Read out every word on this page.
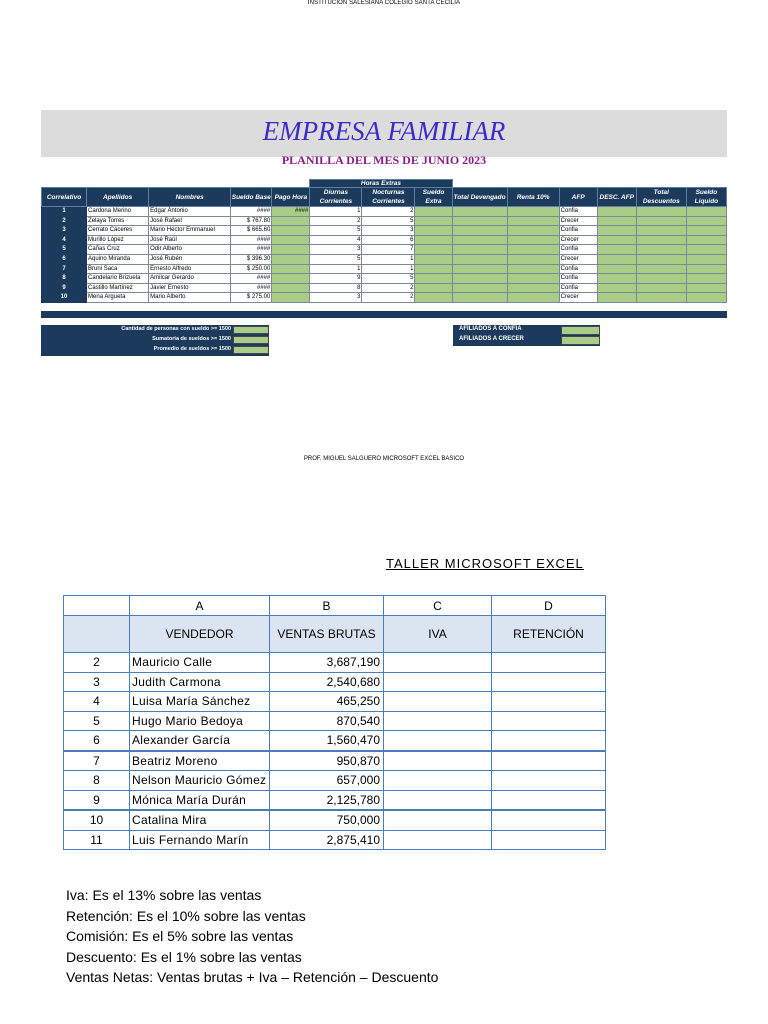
INSTITUCION SALESIANA COLEGIO SANTA CECILIA
EMPRESA FAMILIAR
PLANILLA DEL MES DE JUNIO 2023
					Horas Extras								
Correlativo	Apellidos	Nombres	Sueldo Base	Pago Hora	Diurnas Corrientes	Nocturnas Corrientes	Sueldo Extra	Total Devengado	Renta 10%	AFP	DESC. AFP	Total Descuentos	Sueldo Liquido
1	Cardona Merino	Edgar Antonio	####	####	1	2				Confia			
2	Zelaya Torres	José Rafael	$ 767.80		2	5				Crecer			
3	Cerrato Cáceres	Mario Héctor Emmanuel	$ 665.60		5	3				Confia			
4	Murillo López	José Raúl	####		4	6				Crecer			
5	Cañas Cruz	Odir Alberto	####		3	7				Confia			
6	Aquino Miranda	José Rubén	$ 396.30		5	1				Crecer			
7	Bruni Saca	Ernesto Alfredo	$ 250.00		1	1				Confia			
8	Candelario Brizuela	Amilcar Gerardo	####		9	5				Confia			
9	Castillo Martínez	Javier Ernesto	####		8	2				Confia			
10	Mena Argueta	Mario Alberto	$ 275.00		3	2				Crecer			
Cantidad de personas con sueldo >= 1500
Sumatoria de sueldos >= 1500
Promedio de sueldos >= 1500
AFILIADOS A CONFIA
AFILIADOS A CRECER
PROF. MIGUEL SALGUERO MICROSOFT EXCEL BASICO
TALLER MICROSOFT EXCEL
	A	B	C	D
	VENDEDOR	VENTAS BRUTAS	IVA	RETENCIÓN
2	Mauricio Calle	3,687,190		
3	Judith Carmona	2,540,680		
4	Luisa María Sánchez	465,250		
5	Hugo Mario Bedoya	870,540		
6	Alexander García	1,560,470		
7	Beatriz Moreno	950,870		
8	Nelson Mauricio Gómez	657,000		
9	Mónica María Durán	2,125,780		
10	Catalina Mira	750,000		
11	Luis Fernando Marín	2,875,410		
Iva: Es el 13% sobre las ventas
Retención: Es el 10% sobre las ventas
Comisión: Es el 5% sobre las ventas
Descuento: Es el 1% sobre las ventas
Ventas Netas: Ventas brutas + Iva – Retención – Descuento
